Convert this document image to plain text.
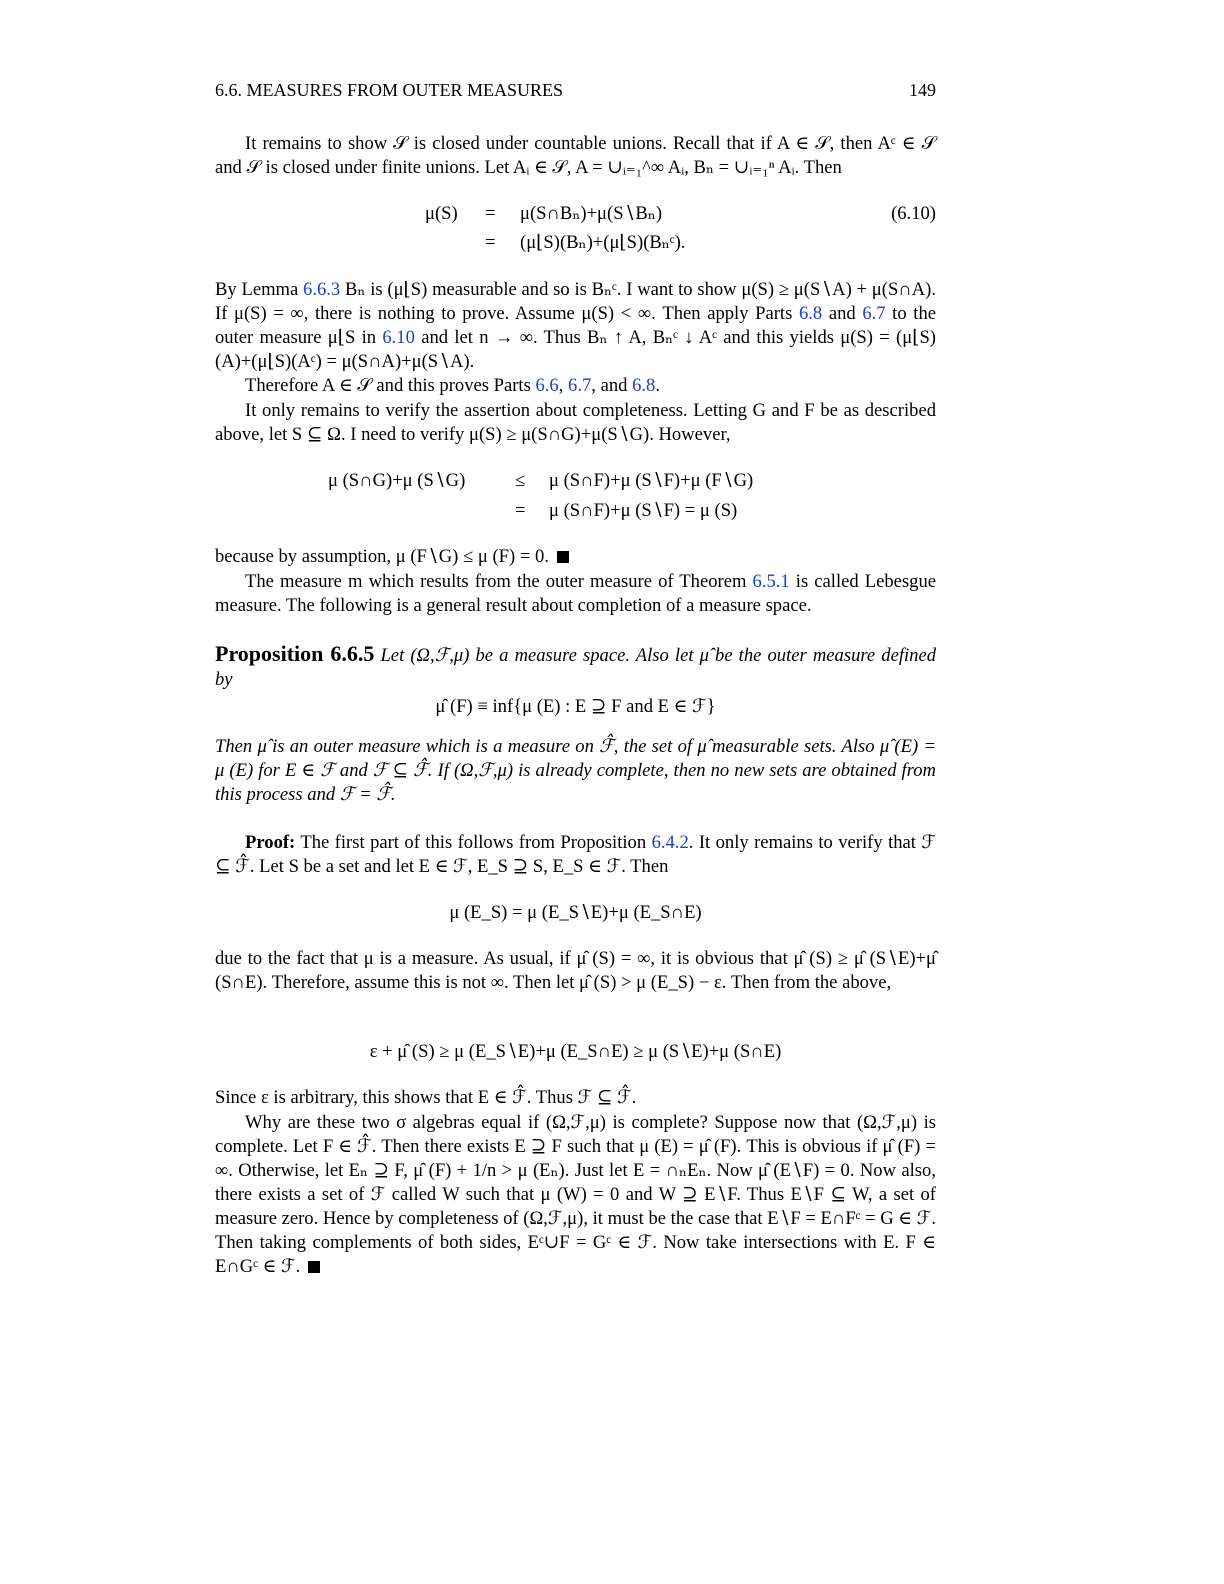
6.6. MEASURES FROM OUTER MEASURES	149
It remains to show 𝒮 is closed under countable unions. Recall that if A ∈ 𝒮, then Aᶜ ∈ 𝒮 and 𝒮 is closed under finite unions. Let Aᵢ ∈ 𝒮, A = ∪ᵢ₌₁^∞ Aᵢ, Bₙ = ∪ᵢ₌₁ⁿ Aᵢ. Then
μ(S) = μ(S∩Bₙ)+μ(S∖Bₙ)
= (μ⌊S)(Bₙ)+(μ⌊S)(Bₙᶜ).
(6.10)
By Lemma 6.6.3 Bₙ is (μ⌊S) measurable and so is Bₙᶜ. I want to show μ(S) ≥ μ(S∖A) + μ(S∩A). If μ(S) = ∞, there is nothing to prove. Assume μ(S) < ∞. Then apply Parts 6.8 and 6.7 to the outer measure μ⌊S in 6.10 and let n → ∞. Thus Bₙ ↑ A, Bₙᶜ ↓ Aᶜ and this yields μ(S) = (μ⌊S)(A)+(μ⌊S)(Aᶜ) = μ(S∩A)+μ(S∖A).
Therefore A ∈ 𝒮 and this proves Parts 6.6, 6.7, and 6.8.
It only remains to verify the assertion about completeness. Letting G and F be as described above, let S ⊆ Ω. I need to verify μ(S) ≥ μ(S∩G)+μ(S∖G). However,
μ (S∩G)+μ (S∖G)	≤ μ (S∩F)+μ (S∖F)+μ (F∖G)
= μ (S∩F)+μ (S∖F) = μ (S)
because by assumption, μ (F∖G) ≤ μ (F) = 0.
The measure m which results from the outer measure of Theorem 6.5.1 is called Lebesgue measure. The following is a general result about completion of a measure space.
Proposition 6.6.5 Let (Ω,ℱ,μ) be a measure space. Also let μ̂ be the outer measure defined by
μ̂ (F) ≡ inf{μ (E) : E ⊇ F and E ∈ ℱ}
Then μ̂ is an outer measure which is a measure on ℱ̂, the set of μ̂ measurable sets. Also μ̂ (E) = μ (E) for E ∈ ℱ and ℱ ⊆ ℱ̂. If (Ω,ℱ,μ) is already complete, then no new sets are obtained from this process and ℱ = ℱ̂.
Proof: The first part of this follows from Proposition 6.4.2. It only remains to verify that ℱ ⊆ ℱ̂. Let S be a set and let E ∈ ℱ, E_S ⊇ S, E_S ∈ ℱ. Then
μ (E_S) = μ (E_S∖E)+μ (E_S∩E)
due to the fact that μ is a measure. As usual, if μ̂ (S) = ∞, it is obvious that μ̂ (S) ≥ μ̂ (S∖E)+μ̂ (S∩E). Therefore, assume this is not ∞. Then let μ̂ (S) > μ (E_S) − ε. Then from the above,
ε + μ̂ (S) ≥ μ (E_S∖E)+μ (E_S∩E) ≥ μ (S∖E)+μ (S∩E)
Since ε is arbitrary, this shows that E ∈ ℱ̂. Thus ℱ ⊆ ℱ̂.
Why are these two σ algebras equal if (Ω,ℱ,μ) is complete? Suppose now that (Ω,ℱ,μ) is complete. Let F ∈ ℱ̂. Then there exists E ⊇ F such that μ (E) = μ̂ (F). This is obvious if μ̂ (F) = ∞. Otherwise, let Eₙ ⊇ F, μ̂ (F) + 1/n > μ (Eₙ). Just let E = ∩ₙEₙ. Now μ̂ (E∖F) = 0. Now also, there exists a set of ℱ called W such that μ (W) = 0 and W ⊇ E∖F. Thus E∖F ⊆ W, a set of measure zero. Hence by completeness of (Ω,ℱ,μ), it must be the case that E∖F = E∩Fᶜ = G ∈ ℱ. Then taking complements of both sides, Eᶜ∪F = Gᶜ ∈ ℱ. Now take intersections with E. F ∈ E∩Gᶜ ∈ ℱ.
